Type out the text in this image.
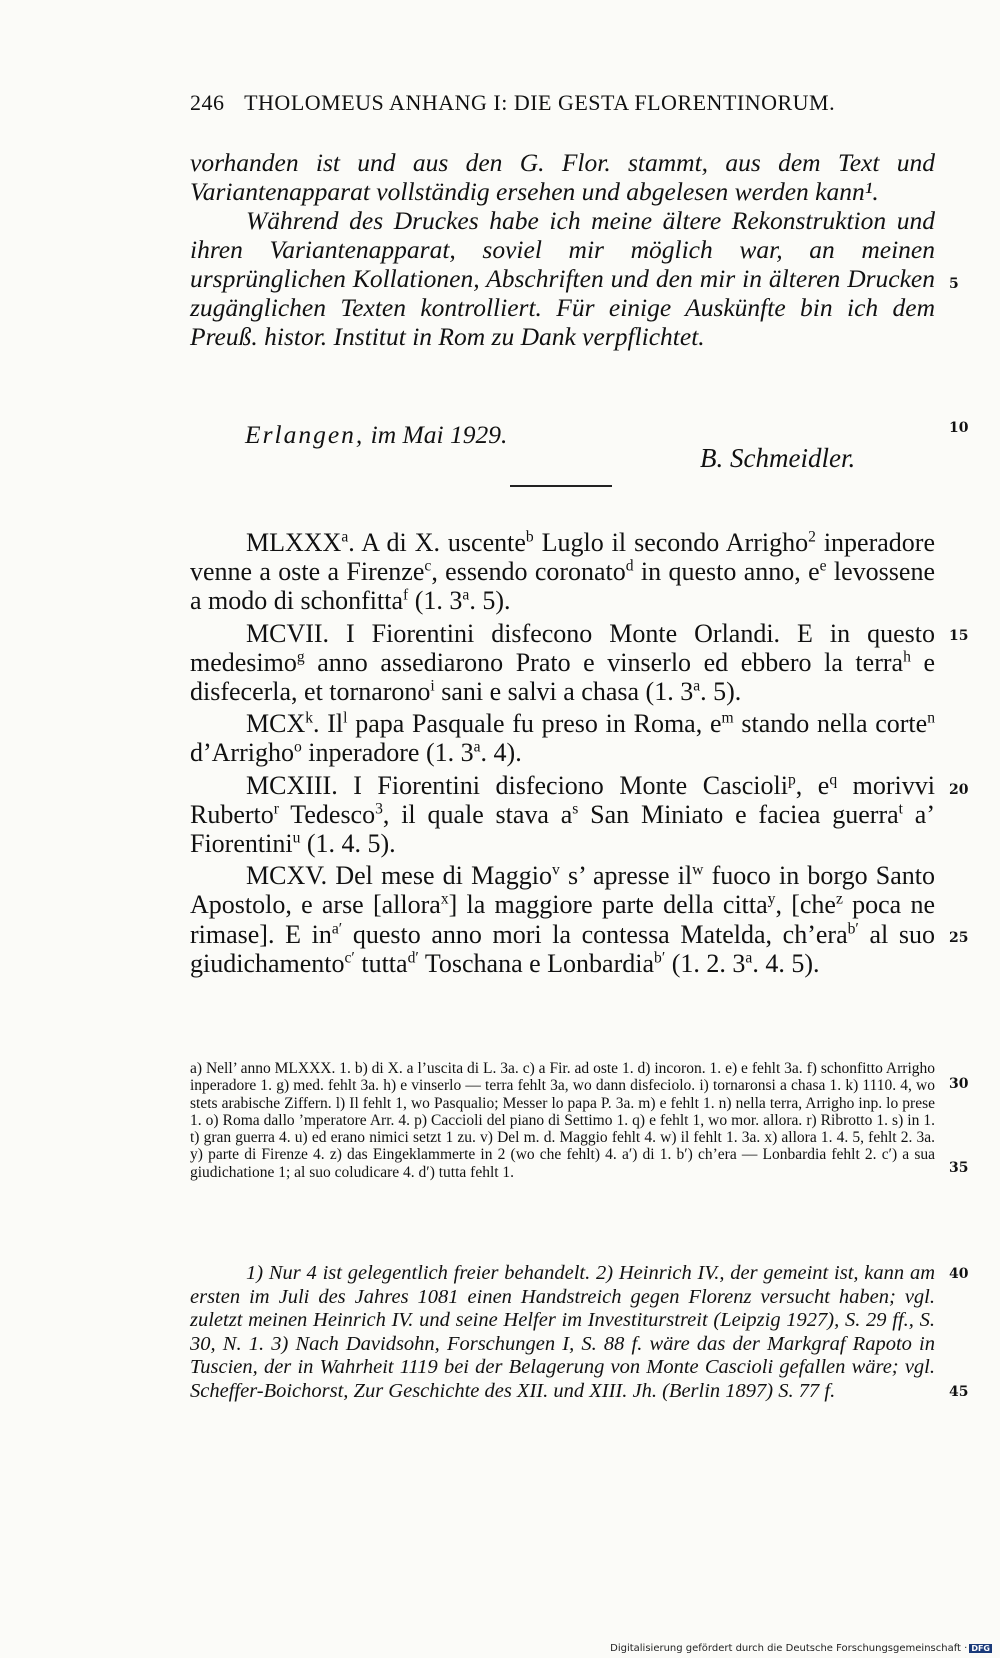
246 THOLOMEUS ANHANG I: DIE GESTA FLORENTINORUM.

vorhanden ist und aus den G. Flor. stammt, aus dem Text und Variantenapparat vollständig ersehen und abgelesen werden kann¹.

Während des Druckes habe ich meine ältere Rekonstruktion und ihren Variantenapparat, soviel mir möglich war, an meinen ursprünglichen Kollationen, Abschriften und den mir in älteren Drucken zugänglichen Texten kontrolliert. Für einige Auskünfte bin ich dem Preuß. histor. Institut in Rom zu Dank verpflichtet.

Erlangen, im Mai 1929.
B. Schmeidler.

MLXXX$^a$. A di X. uscente$^b$ Luglo il secondo Arrigho$^2$ inperadore venne a oste a Firenze$^c$, essendo coronato$^d$ in questo anno, $e^e$ levossene a modo di schonfitta$^f$ (1. 3$^a$. 5).

MCVII. I Fiorentini disfecono Monte Orlandi. E in questo medesimo$^g$ anno assediarono Prato e vinserlo ed ebbero la terra$^h$ e disfecerla, et tornarono$^i$ sani e salvi a chasa (1. 3$^a$. 5).

MCX$^k$. Il$^l$ papa Pasquale fu preso in Roma, $e^m$ stando nella corte$^n$ d’Arrigho$^o$ inperadore (1. 3$^a$. 4).

MCXIII. I Fiorentini disfeciono Monte Cascioli$^p$, $e^q$ morivvi Ruberto$^r$ Tedesco$^3$, il quale stava $a^s$ San Miniato e faciea guerra$^t$ a’ Fiorentini$^u$ (1. 4. 5).

MCXV. Del mese di Maggio$^v$ s’ apresse $il^w$ fuoco in borgo Santo Apostolo, e arse [allora$^x$] la maggiore parte della citta$^y$, [che$^z$ poca ne rimase]. E $in^{a'}$ questo anno mori la contessa Matelda, ch’era$^{b'}$ al suo giudichamento$^{c'}$ tutta$^{d'}$ Toschana e Lonbardia$^{b'}$ (1. 2. 3$^a$. 4. 5).

a) Nell’ anno MLXXX. 1. b) di X. a l’uscita di L. 3a. c) a Fir. ad oste 1. d) incoron. 1. e) e fehlt 3a. f) schonfitto Arrigho inperadore 1. g) med. fehlt 3a. h) e vinserlo — terra fehlt 3a, wo dann disfeciolo. i) tornaronsi a chasa 1. k) 1110. 4, wo stets arabische Ziffern. l) Il fehlt 1, wo Pasqualio; Messer lo papa P. 3a. m) e fehlt 1. n) nella terra, Arrigho inp. lo prese 1. o) Roma dallo ’mperatore Arr. 4. p) Caccioli del piano di Settimo 1. q) e fehlt 1, wo mor. allora. r) Ribrotto 1. s) in 1. t) gran guerra 4. u) ed erano nimici setzt 1 zu. v) Del m. d. Maggio fehlt 4. w) il fehlt 1. 3a. x) allora 1. 4. 5, fehlt 2. 3a. y) parte di Firenze 4. z) das Eingeklammerte in 2 (wo che fehlt) 4. a′) di 1. b′) ch’era — Lonbardia fehlt 2. c′) a sua giudichatione 1; al suo coludicare 4. d′) tutta fehlt 1.

1) Nur 4 ist gelegentlich freier behandelt. 2) Heinrich IV., der gemeint ist, kann am ersten im Juli des Jahres 1081 einen Handstreich gegen Florenz versucht haben; vgl. zuletzt meinen Heinrich IV. und seine Helfer im Investiturstreit (Leipzig 1927), S. 29 ff., S. 30, N. 1. 3) Nach Davidsohn, Forschungen I, S. 88 f. wäre das der Markgraf Rapoto in Tuscien, der in Wahrheit 1119 bei der Belagerung von Monte Cascioli gefallen wäre; vgl. Scheffer-Boichorst, Zur Geschichte des XII. und XIII. Jh. (Berlin 1897) S. 77 f.

5
10
15
20
25
30
35
40
45
Digitalisierung gefördert durch die Deutsche Forschungsgemeinschaft · DFG
